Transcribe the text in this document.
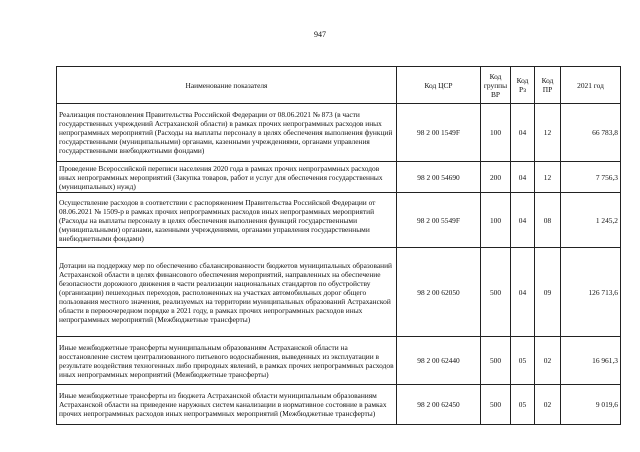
947
Наименование показателя	Код ЦСР	Код группы ВР	Код Рз	Код ПР	2021 год
Реализация постановления Правительства Российской Федерации от 08.06.2021 № 873 (в части государственных учреждений Астраханской области) в рамках прочих непрограммных расходов иных непрограммных мероприятий (Расходы на выплаты персоналу в целях обеспечения выполнения функций государственными (муниципальными) органами, казенными учреждениями, органами управления государственными внебюджетными фондами)	98 2 00 1549F	100	04	12	66 783,8
Проведение Всероссийской переписи населения 2020 года в рамках прочих непрограммных расходов иных непрограммных мероприятий (Закупка товаров, работ и услуг для обеспечения государственных (муниципальных) нужд)	98 2 00 54690	200	04	12	7 756,3
Осуществление расходов в соответствии с распоряжением Правительства Российской Федерации от 08.06.2021 № 1509-р в рамках прочих непрограммных расходов иных непрограммных мероприятий (Расходы на выплаты персоналу в целях обеспечения выполнения функций государственными (муниципальными) органами, казенными учреждениями, органами управления государственными внебюджетными фондами)	98 2 00 5549F	100	04	08	1 245,2
Дотации на поддержку мер по обеспечению сбалансированности бюджетов муниципальных образований Астраханской области в целях финансового обеспечения мероприятий, направленных на обеспечение безопасности дорожного движения в части реализации национальных стандартов по обустройству (организации) пешеходных переходов, расположенных на участках автомобильных дорог общего пользования местного значения, реализуемых на территории муниципальных образований Астраханской области в первоочередном порядке в 2021 году, в рамках прочих непрограммных расходов иных непрограммных мероприятий (Межбюджетные трансферты)	98 2 00 62050	500	04	09	126 713,6
Иные межбюджетные трансферты муниципальным образованиям Астраханской области на восстановление систем централизованного питьевого водоснабжения, выведенных из эксплуатации в результате воздействия техногенных либо природных явлений, в рамках прочих непрограммных расходов иных непрограммных мероприятий (Межбюджетные трансферты)	98 2 00 62440	500	05	02	16 961,3
Иные межбюджетные трансферты из бюджета Астраханской области муниципальным образованиям Астраханской области на приведение наружных систем канализации в нормативное состояние в рамках прочих непрограммных расходов иных непрограммных мероприятий (Межбюджетные трансферты)	98 2 00 62450	500	05	02	9 019,6
